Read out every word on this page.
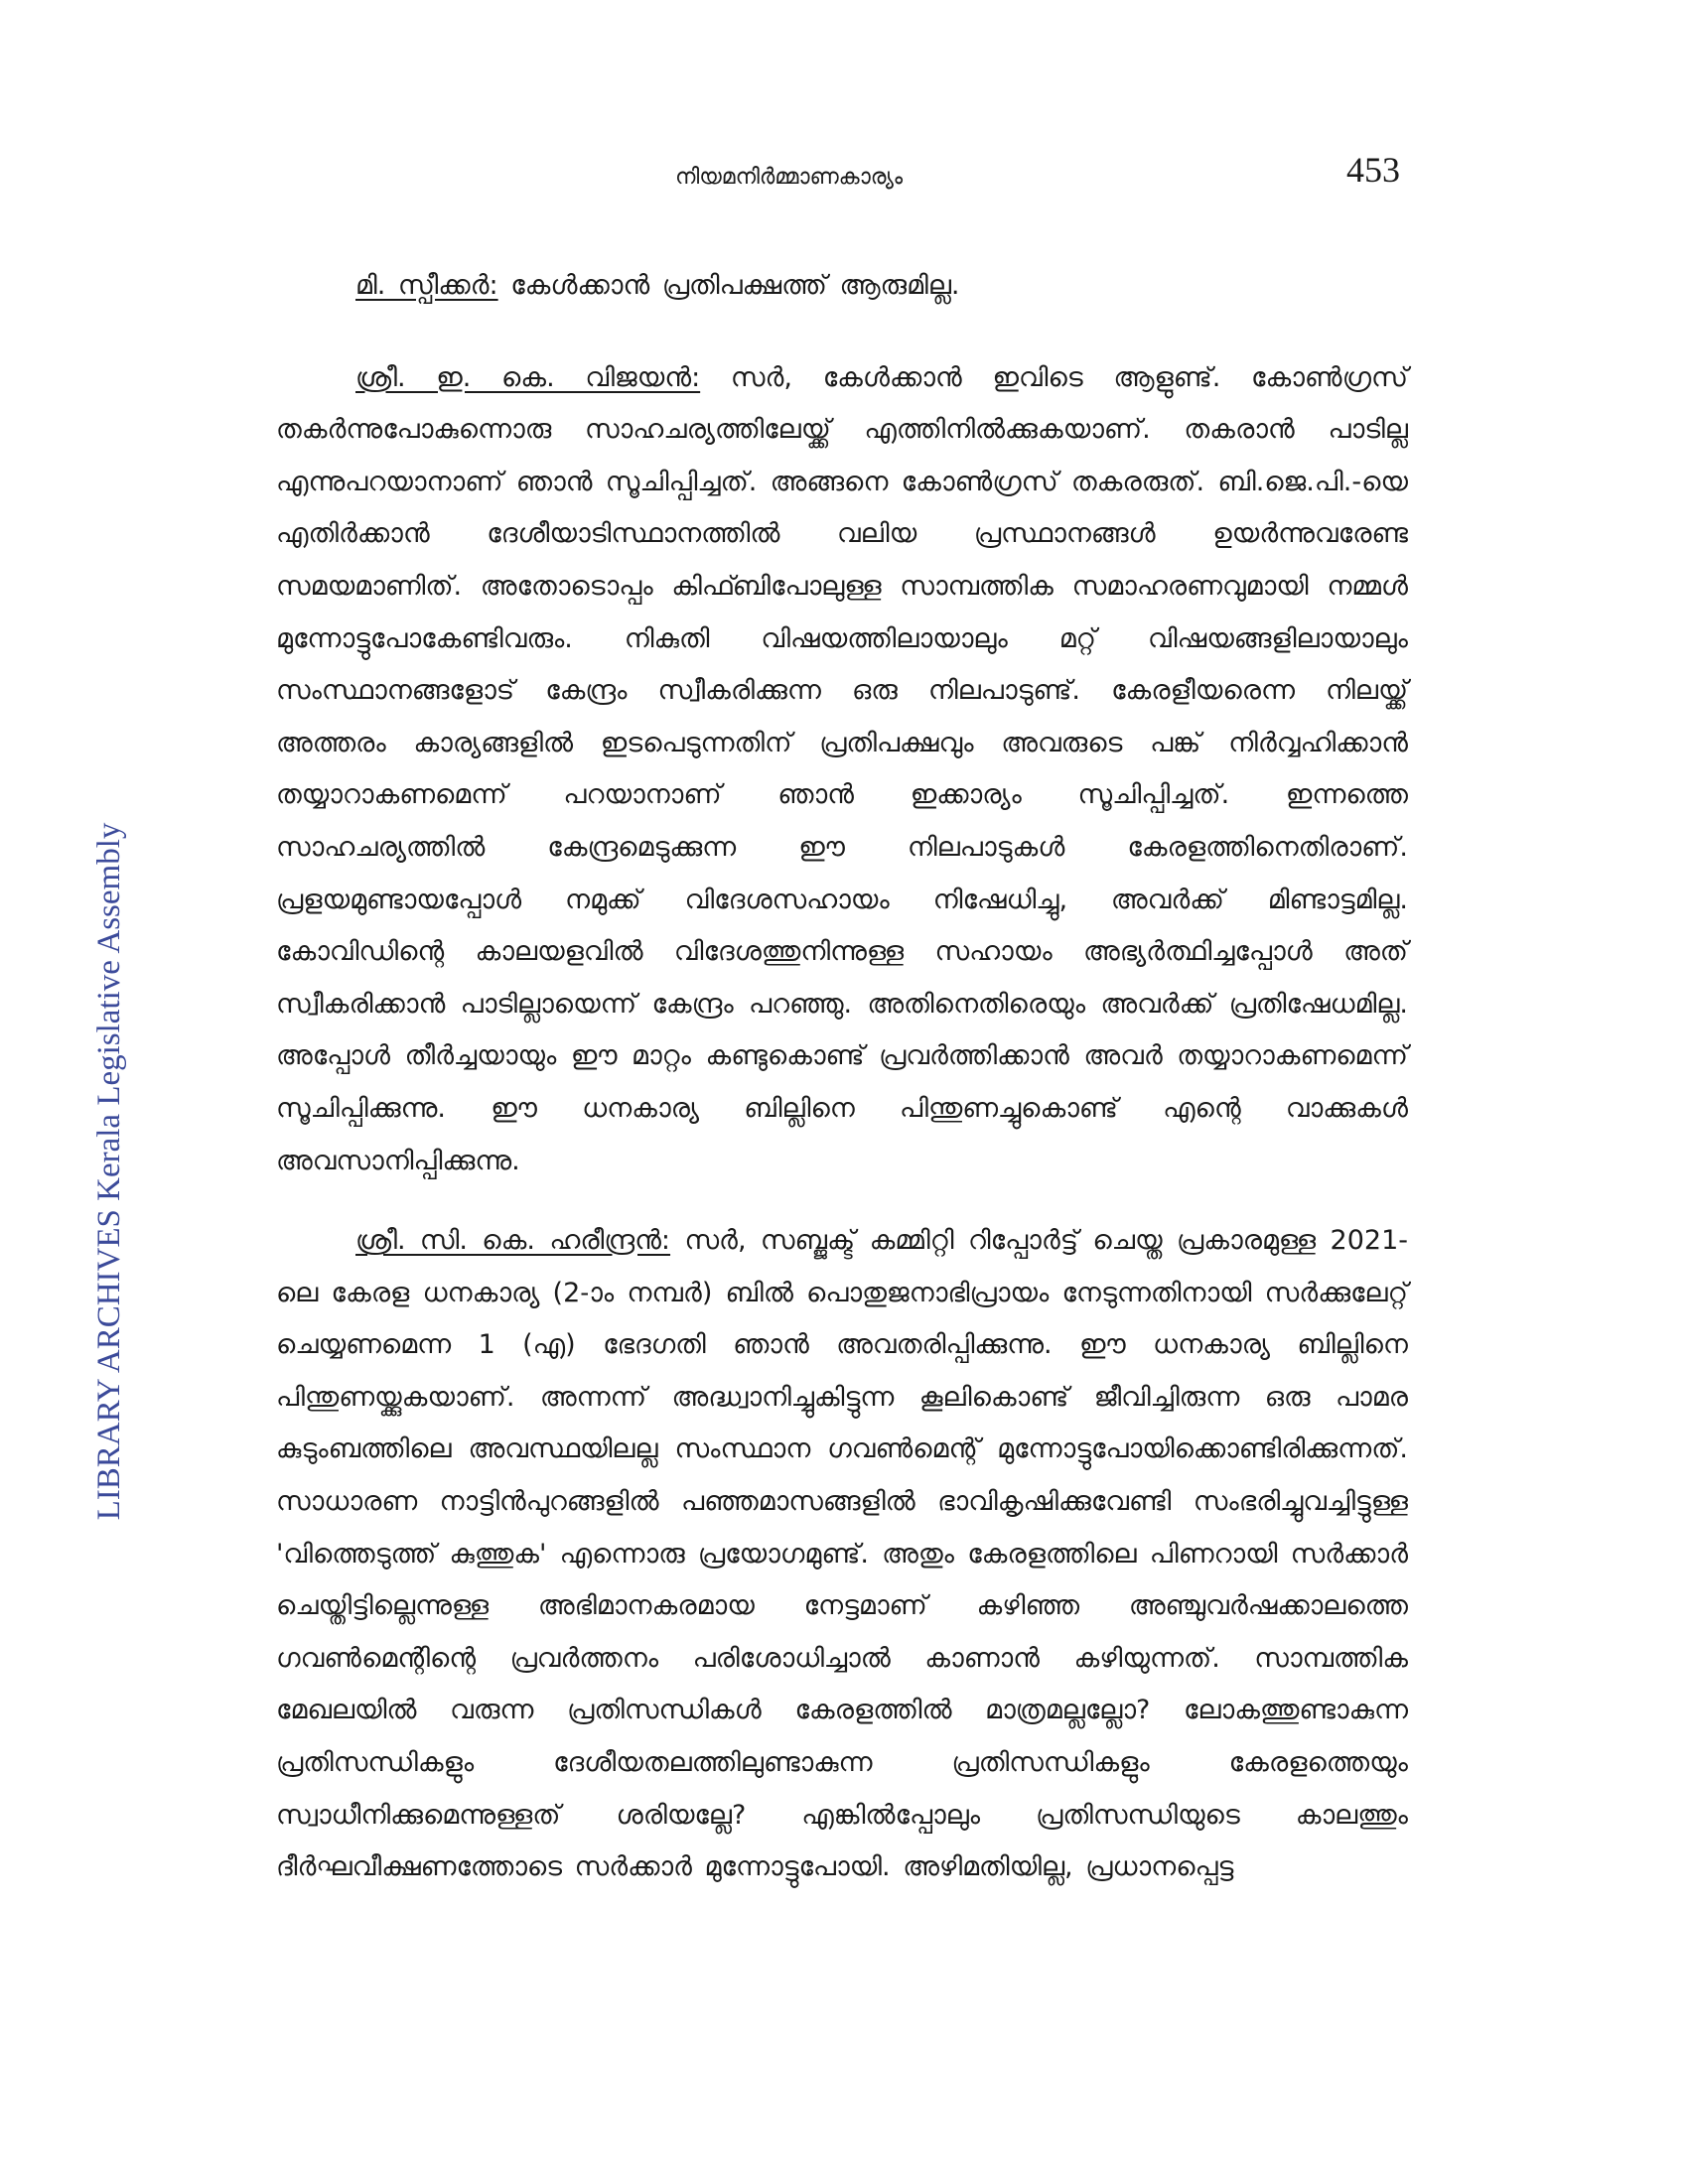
നിയമനിർമ്മാണകാര്യം	453
LIBRARY ARCHIVES Kerala Legislative Assembly

മി. സ്പീക്കർ: കേൾക്കാൻ പ്രതിപക്ഷത്ത് ആരുമില്ല.

ശ്രീ. ഇ. കെ. വിജയൻ: സർ, കേൾക്കാൻ ഇവിടെ ആളുണ്ട്. കോൺഗ്രസ് തകർന്നുപോകുന്നൊരു സാഹചര്യത്തിലേയ്ക്ക് എത്തിനിൽക്കുകയാണ്. തകരാൻ പാടില്ല എന്നുപറയാനാണ് ഞാൻ സൂചിപ്പിച്ചത്. അങ്ങനെ കോൺഗ്രസ് തകരരുത്. ബി.ജെ.പി.-യെ എതിർക്കാൻ ദേശീയാടിസ്ഥാനത്തിൽ വലിയ പ്രസ്ഥാനങ്ങൾ ഉയർന്നുവരേണ്ട സമയമാണിത്. അതോടൊപ്പം കിഫ്ബിപോലുള്ള സാമ്പത്തിക സമാഹരണവുമായി നമ്മൾ മുന്നോട്ടുപോകേണ്ടിവരും. നികുതി വിഷയത്തിലായാലും മറ്റ് വിഷയങ്ങളിലായാലും സംസ്ഥാനങ്ങളോട് കേന്ദ്രം സ്വീകരിക്കുന്ന ഒരു നിലപാടുണ്ട്. കേരളീയരെന്ന നിലയ്ക്ക് അത്തരം കാര്യങ്ങളിൽ ഇടപെടുന്നതിന് പ്രതിപക്ഷവും അവരുടെ പങ്ക് നിർവ്വഹിക്കാൻ തയ്യാറാകണമെന്ന് പറയാനാണ് ഞാൻ ഇക്കാര്യം സൂചിപ്പിച്ചത്. ഇന്നത്തെ സാഹചര്യത്തിൽ കേന്ദ്രമെടുക്കുന്ന ഈ നിലപാടുകൾ കേരളത്തിനെതിരാണ്. പ്രളയമുണ്ടായപ്പോൾ നമുക്ക് വിദേശസഹായം നിഷേധിച്ചു, അവർക്ക് മിണ്ടാട്ടമില്ല. കോവിഡിന്റെ കാലയളവിൽ വിദേശത്തുനിന്നുള്ള സഹായം അഭ്യർത്ഥിച്ചപ്പോൾ അത് സ്വീകരിക്കാൻ പാടില്ലായെന്ന് കേന്ദ്രം പറഞ്ഞു. അതിനെതിരെയും അവർക്ക് പ്രതിഷേധമില്ല. അപ്പോൾ തീർച്ചയായും ഈ മാറ്റം കണ്ടുകൊണ്ട് പ്രവർത്തിക്കാൻ അവർ തയ്യാറാകണമെന്ന് സൂചിപ്പിക്കുന്നു. ഈ ധനകാര്യ ബില്ലിനെ പിന്തുണച്ചുകൊണ്ട് എന്റെ വാക്കുകൾ അവസാനിപ്പിക്കുന്നു.

ശ്രീ. സി. കെ. ഹരീന്ദ്രൻ: സർ, സബ്ജക്ട് കമ്മിറ്റി റിപ്പോർട്ട് ചെയ്ത പ്രകാരമുള്ള 2021-ലെ കേരള ധനകാര്യ (2-ാം നമ്പർ) ബിൽ പൊതുജനാഭിപ്രായം നേടുന്നതിനായി സർക്കുലേറ്റ് ചെയ്യണമെന്ന 1 (എ) ഭേദഗതി ഞാൻ അവതരിപ്പിക്കുന്നു. ഈ ധനകാര്യ ബില്ലിനെ പിന്തുണയ്ക്കുകയാണ്. അന്നന്ന് അദ്ധ്വാനിച്ചുകിട്ടുന്ന കൂലികൊണ്ട് ജീവിച്ചിരുന്ന ഒരു പാമര കുടുംബത്തിലെ അവസ്ഥയിലല്ല സംസ്ഥാന ഗവൺമെന്റ് മുന്നോട്ടുപോയിക്കൊണ്ടിരിക്കുന്നത്. സാധാരണ നാട്ടിൻപുറങ്ങളിൽ പഞ്ഞമാസങ്ങളിൽ ഭാവികൃഷിക്കുവേണ്ടി സംഭരിച്ചുവച്ചിട്ടുള്ള 'വിത്തെടുത്ത് കുത്തുക' എന്നൊരു പ്രയോഗമുണ്ട്. അതും കേരളത്തിലെ പിണറായി സർക്കാർ ചെയ്തിട്ടില്ലെന്നുള്ള അഭിമാനകരമായ നേട്ടമാണ് കഴിഞ്ഞ അഞ്ചുവർഷക്കാലത്തെ ഗവൺമെന്റിന്റെ പ്രവർത്തനം പരിശോധിച്ചാൽ കാണാൻ കഴിയുന്നത്. സാമ്പത്തിക മേഖലയിൽ വരുന്ന പ്രതിസന്ധികൾ കേരളത്തിൽ മാത്രമല്ലല്ലോ? ലോകത്തുണ്ടാകുന്ന പ്രതിസന്ധികളും ദേശീയതലത്തിലുണ്ടാകുന്ന പ്രതിസന്ധികളും കേരളത്തെയും സ്വാധീനിക്കുമെന്നുള്ളത് ശരിയല്ലേ? എങ്കിൽപ്പോലും പ്രതിസന്ധിയുടെ കാലത്തും ദീർഘവീക്ഷണത്തോടെ സർക്കാർ മുന്നോട്ടുപോയി. അഴിമതിയില്ല, പ്രധാനപ്പെട്ട
